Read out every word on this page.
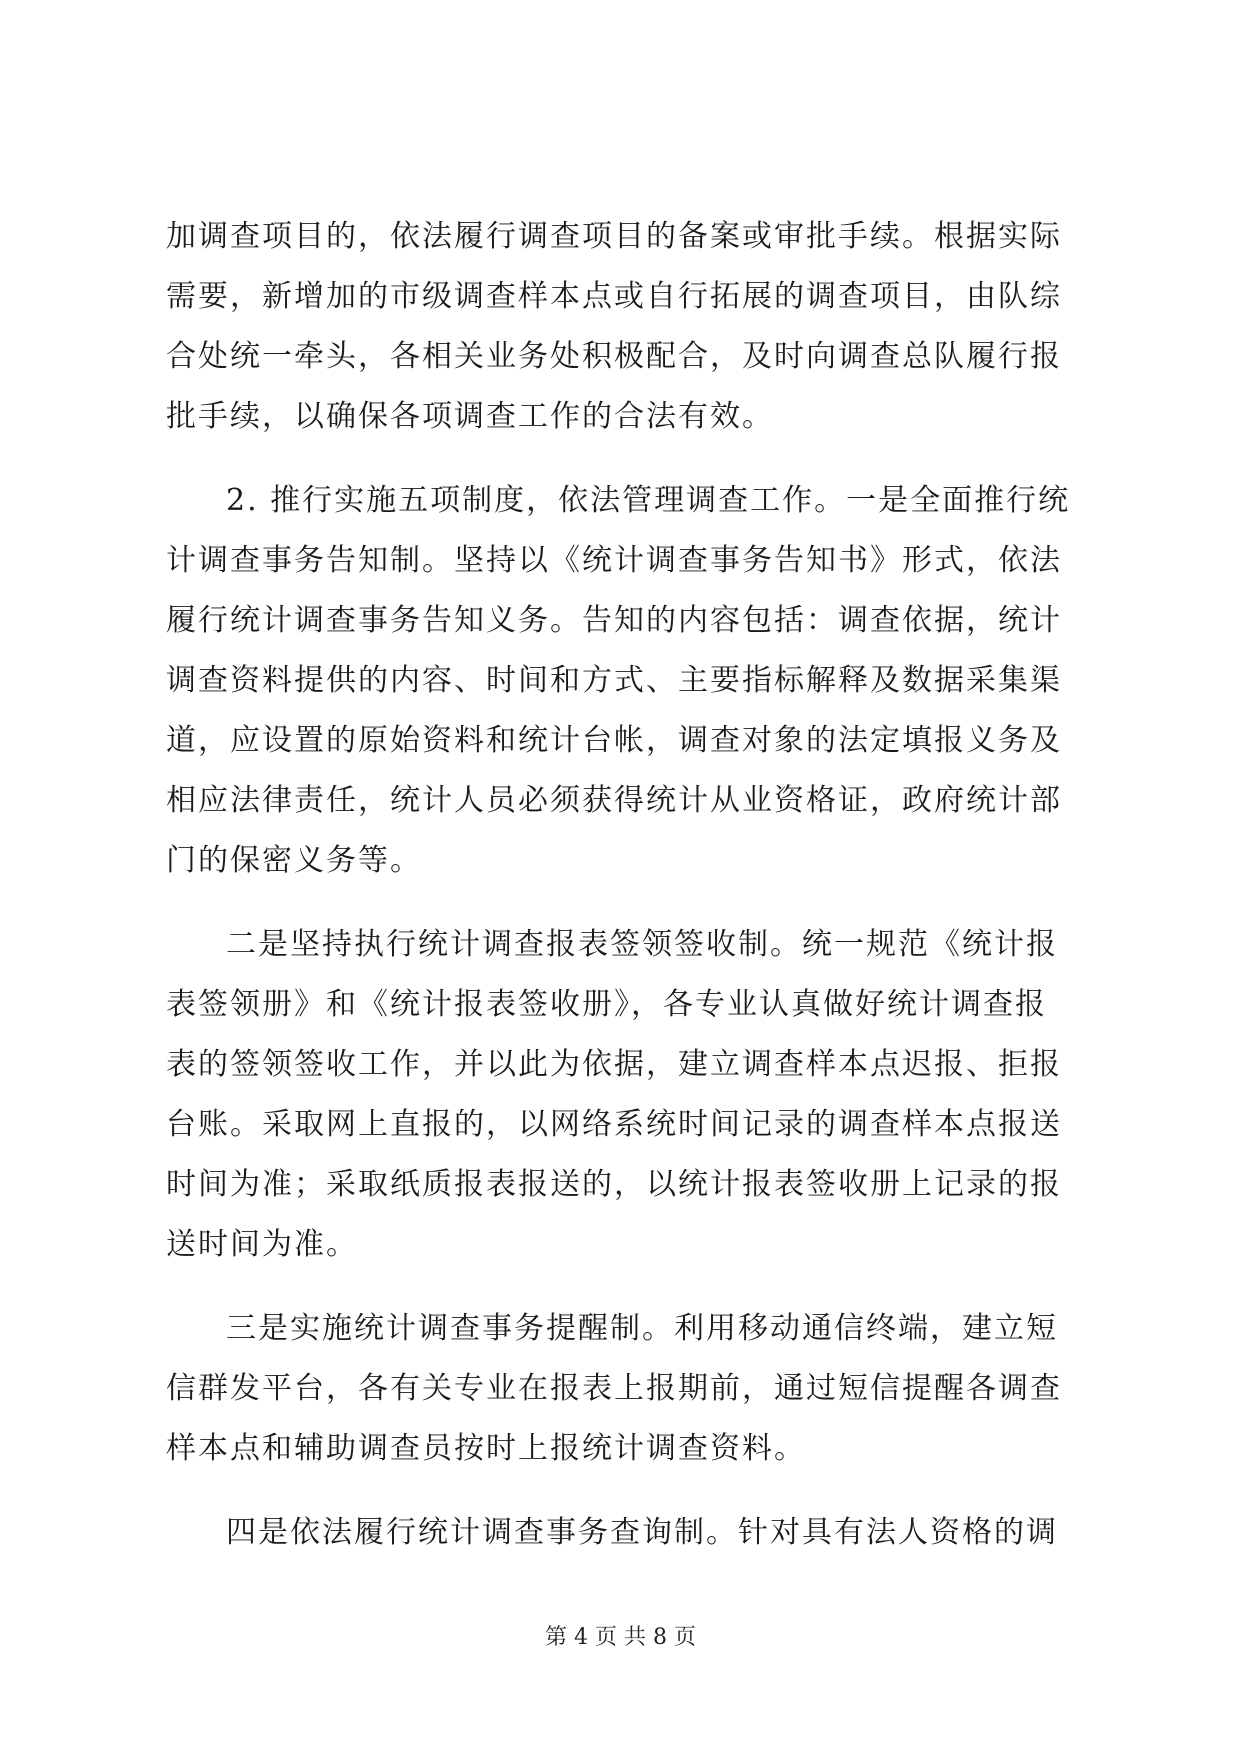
加调查项目的，依法履行调查项目的备案或审批手续。根据实际
需要，新增加的市级调查样本点或自行拓展的调查项目，由队综
合处统一牵头，各相关业务处积极配合，及时向调查总队履行报
批手续，以确保各项调查工作的合法有效。
2. 推行实施五项制度，依法管理调查工作。一是全面推行统
计调查事务告知制。坚持以《统计调查事务告知书》形式，依法
履行统计调查事务告知义务。告知的内容包括：调查依据，统计
调查资料提供的内容、时间和方式、主要指标解释及数据采集渠
道，应设置的原始资料和统计台帐，调查对象的法定填报义务及
相应法律责任，统计人员必须获得统计从业资格证，政府统计部
门的保密义务等。
二是坚持执行统计调查报表签领签收制。统一规范《统计报
表签领册》和《统计报表签收册》，各专业认真做好统计调查报
表的签领签收工作，并以此为依据，建立调查样本点迟报、拒报
台账。采取网上直报的，以网络系统时间记录的调查样本点报送
时间为准；采取纸质报表报送的，以统计报表签收册上记录的报
送时间为准。
三是实施统计调查事务提醒制。利用移动通信终端，建立短
信群发平台，各有关专业在报表上报期前，通过短信提醒各调查
样本点和辅助调查员按时上报统计调查资料。
四是依法履行统计调查事务查询制。针对具有法人资格的调
第 4 页 共 8 页
